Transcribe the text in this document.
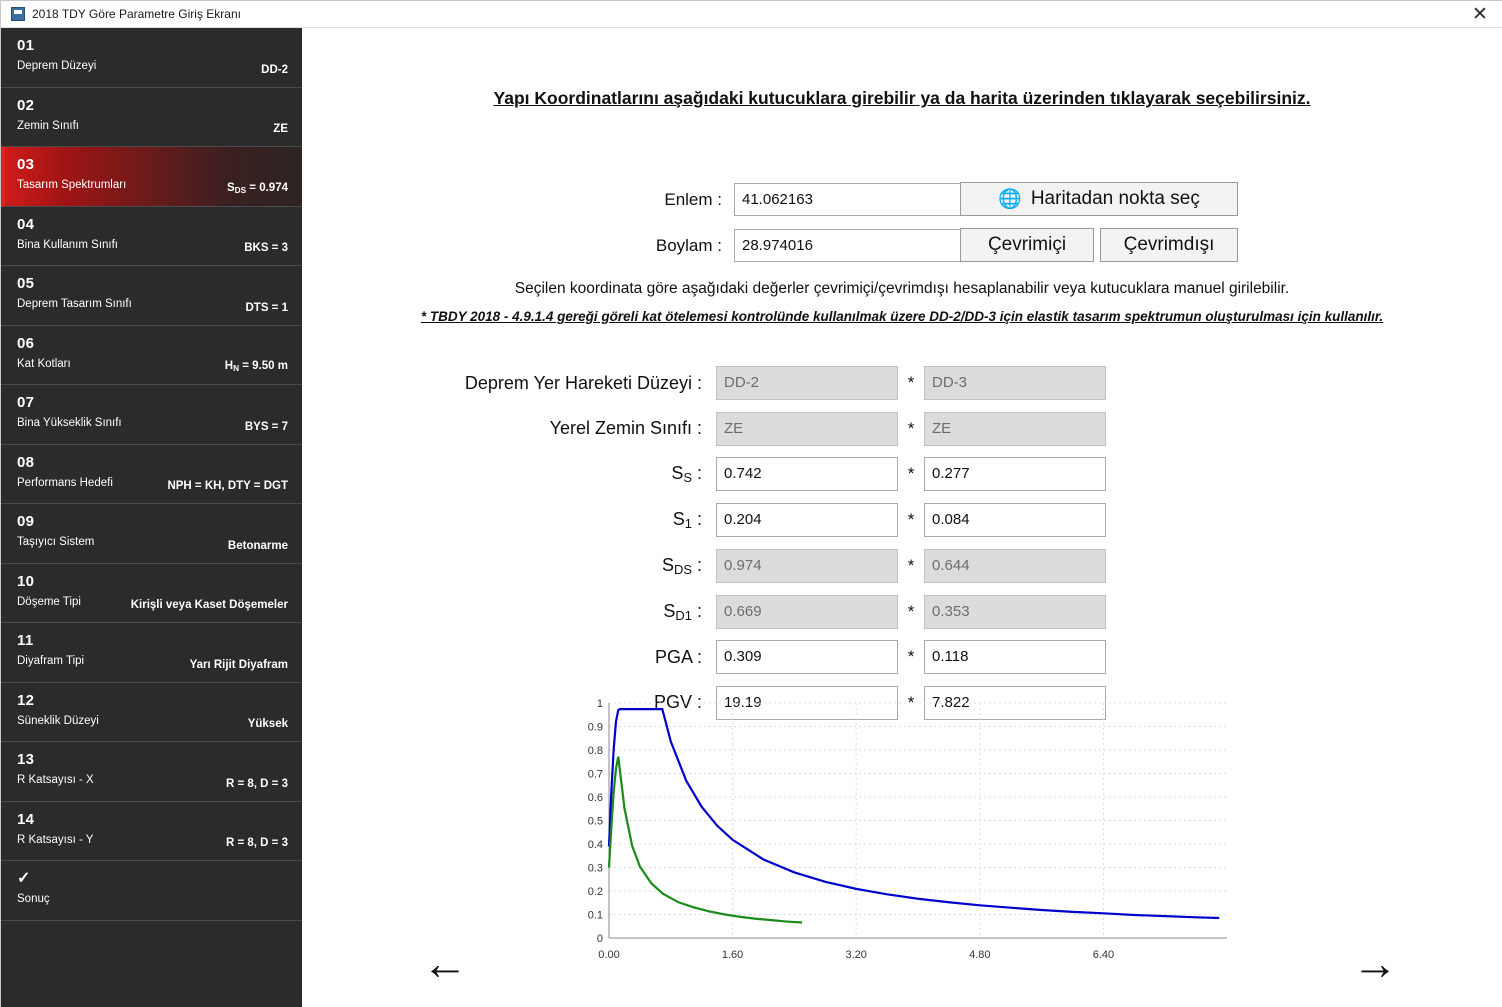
2018 TDY Göre Parametre Giriş Ekranı	✕
01
Deprem Düzeyi	DD-2
02
Zemin Sınıfı	ZE
03
Tasarım Spektrumları	$S_{DS} = 0.974$
04
Bina Kullanım Sınıfı	BKS = 3
05
Deprem Tasarım Sınıfı	DTS = 1
06
Kat Kotları	$H_N = 9.50$ m
07
Bina Yükseklik Sınıfı	BYS = 7
08
Performans Hedefi	NPH = KH, DTY = DGT
09
Taşıyıcı Sistem	Betonarme
10
Döşeme Tipi	Kirişli veya Kaset Döşemeler
11
Diyafram Tipi	Yarı Rijit Diyafram
12
Süneklik Düzeyi	Yüksek
13
R Katsayısı - X	R = 8, D = 3
14
R Katsayısı - Y	R = 8, D = 3
✓
Sonuç
Yapı Koordinatlarını aşağıdaki kutucuklara girebilir ya da harita üzerinden tıklayarak seçebilirsiniz.
Enlem :	41.062163	🌐 Haritadan nokta seç
Boylam :	28.974016	Çevrimiçi	Çevrimdışı
Seçilen koordinata göre aşağıdaki değerler çevrimiçi/çevrimdışı hesaplanabilir veya kutucuklara manuel girilebilir.
* TBDY 2018 - 4.9.1.4 gereği göreli kat ötelemesi kontrolünde kullanılmak üzere DD-2/DD-3 için elastik tasarım spektrumun oluşturulması için kullanılır.
Deprem Yer Hareketi Düzeyi :	DD-2	*	DD-3
Yerel Zemin Sınıfı :	ZE	*	ZE
$S_S$ :	0.742	*	0.277
$S_1$ :	0.204	*	0.084
$S_{DS}$ :	0.974	*	0.644
$S_{D1}$ :	0.669	*	0.353
PGA :	0.309	*	0.118
PGV :	19.19	*	7.822
0
0.1
0.2
0.3
0.4
0.5
0.6
0.7
0.8
0.9
1
0.00	1.60	3.20	4.80	6.40
←	→
